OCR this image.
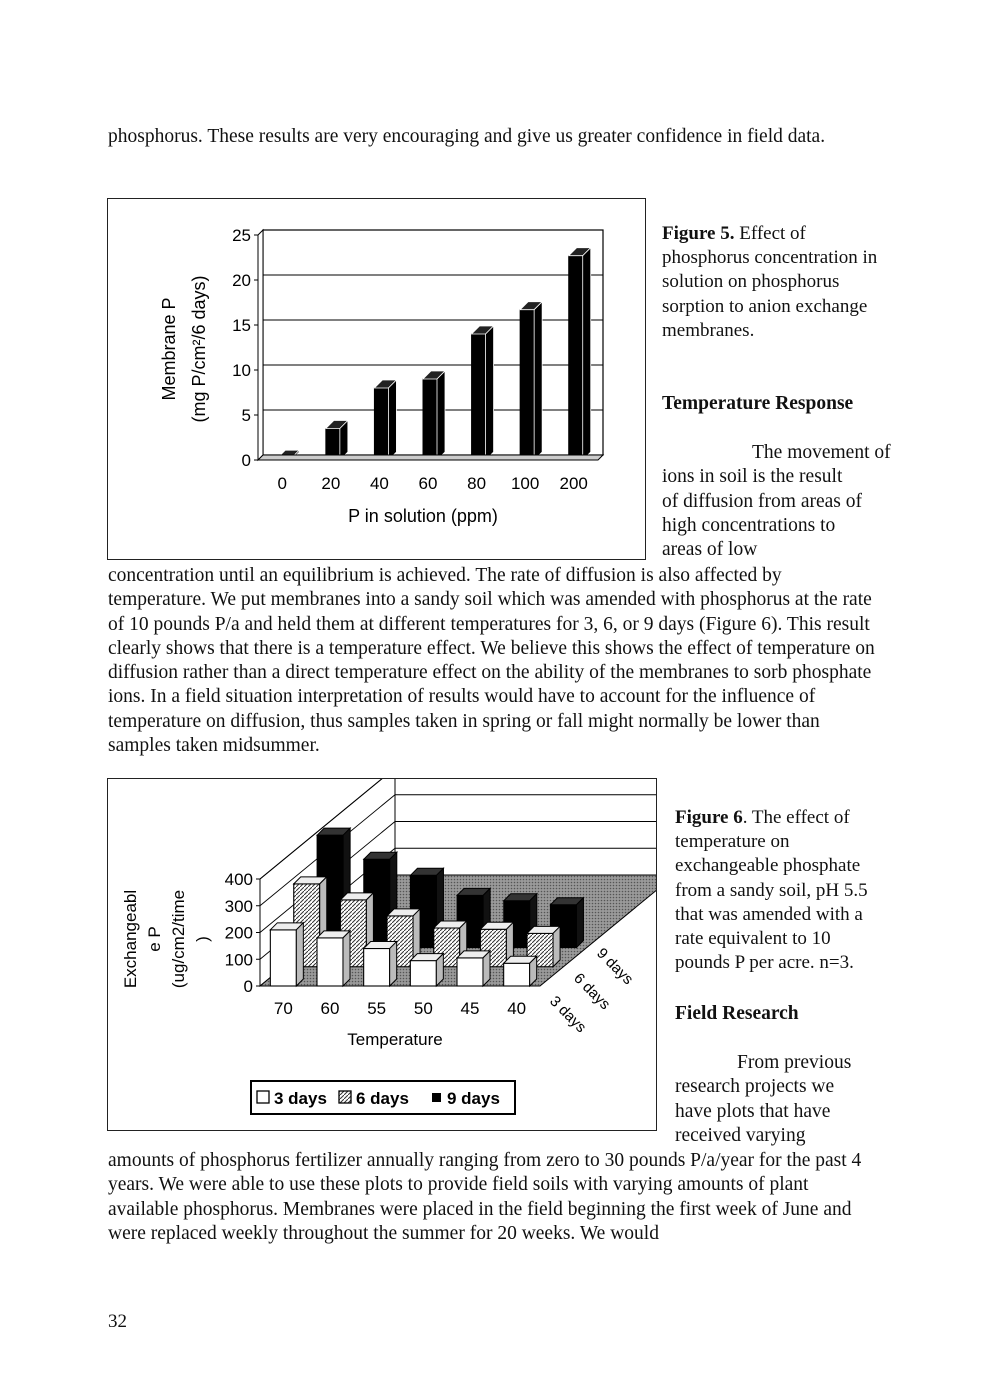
phosphorus. These results are very encouraging and give us greater confidence in field data.

0
5
10
15
20
25
0 20 40 60 80 100 200
P in solution (ppm)
Membrane P (mg P/cm²/6 days)
Figure 5. Effect of phosphorus concentration in solution on phosphorus sorption to anion exchange membranes.
Temperature Response
The movement of
ions in soil is the result
of diffusion from areas of
high concentrations to
areas of low

concentration until an equilibrium is achieved. The rate of diffusion is also affected by temperature. We put membranes into a sandy soil which was amended with phosphorus at the rate of 10 pounds P/a and held them at different temperatures for 3, 6, or 9 days (Figure 6). This result clearly shows that there is a temperature effect. We believe this shows the effect of temperature on diffusion rather than a direct temperature effect on the ability of the membranes to sorb phosphate ions. In a field situation interpretation of results would have to account for the influence of temperature on diffusion, thus samples taken in spring or fall might normally be lower than samples taken midsummer.

0
100
200
300
400
70 60 55 50 45 40
9 days
6 days
3 days
Temperature
Exchangeabl e P (ug/cm2/time )
3 days 6 days 9 days
Figure 6. The effect of temperature on exchangeable phosphate from a sandy soil, pH 5.5 that was amended with a rate equivalent to 10 pounds P per acre. n=3.
Field Research
From previous
research projects we
have plots that have
received varying

amounts of phosphorus fertilizer annually ranging from zero to 30 pounds P/a/year for the past 4 years. We were able to use these plots to provide field soils with varying amounts of plant available phosphorus. Membranes were placed in the field beginning the first week of June and were replaced weekly throughout the summer for 20 weeks. We would

32
